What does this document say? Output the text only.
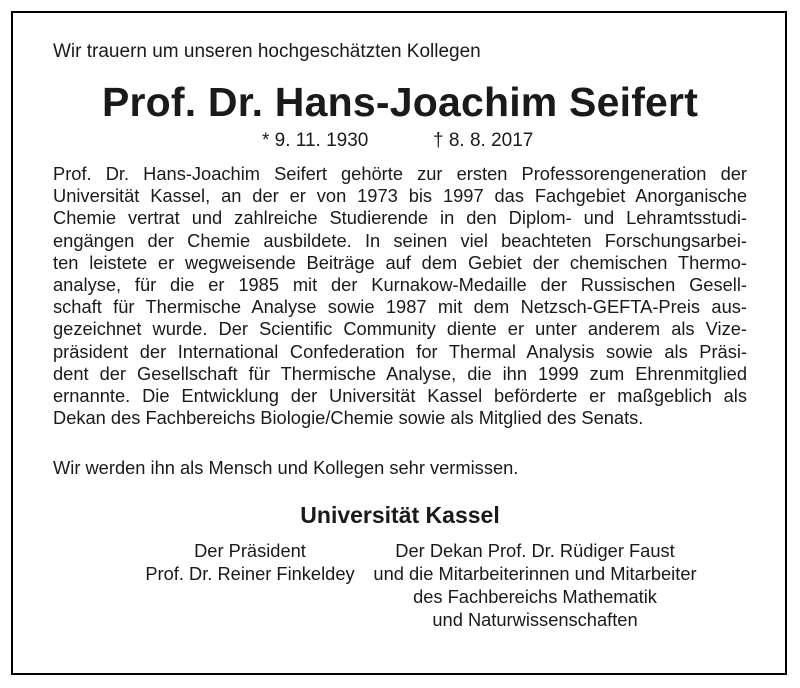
Wir trauern um unseren hochgeschätzten Kollegen
Prof. Dr. Hans-Joachim Seifert
* 9. 11. 1930	† 8. 8. 2017

Prof. Dr. Hans-Joachim Seifert gehörte zur ersten Professorengeneration der
Universität Kassel, an der er von 1973 bis 1997 das Fachgebiet Anorganische
Chemie vertrat und zahlreiche Studierende in den Diplom- und Lehramtsstudi-
engängen der Chemie ausbildete. In seinen viel beachteten Forschungsarbei-
ten leistete er wegweisende Beiträge auf dem Gebiet der chemischen Thermo-
analyse, für die er 1985 mit der Kurnakow-Medaille der Russischen Gesell-
schaft für Thermische Analyse sowie 1987 mit dem Netzsch-GEFTA-Preis aus-
gezeichnet wurde. Der Scientific Community diente er unter anderem als Vize-
präsident der International Confederation for Thermal Analysis sowie als Präsi-
dent der Gesellschaft für Thermische Analyse, die ihn 1999 zum Ehrenmitglied
ernannte. Die Entwicklung der Universität Kassel beförderte er maßgeblich als
Dekan des Fachbereichs Biologie/Chemie sowie als Mitglied des Senats.

Wir werden ihn als Mensch und Kollegen sehr vermissen.
Universität Kassel
Der Präsident
Prof. Dr. Reiner Finkeldey
Der Dekan Prof. Dr. Rüdiger Faust
und die Mitarbeiterinnen und Mitarbeiter
des Fachbereichs Mathematik
und Naturwissenschaften
